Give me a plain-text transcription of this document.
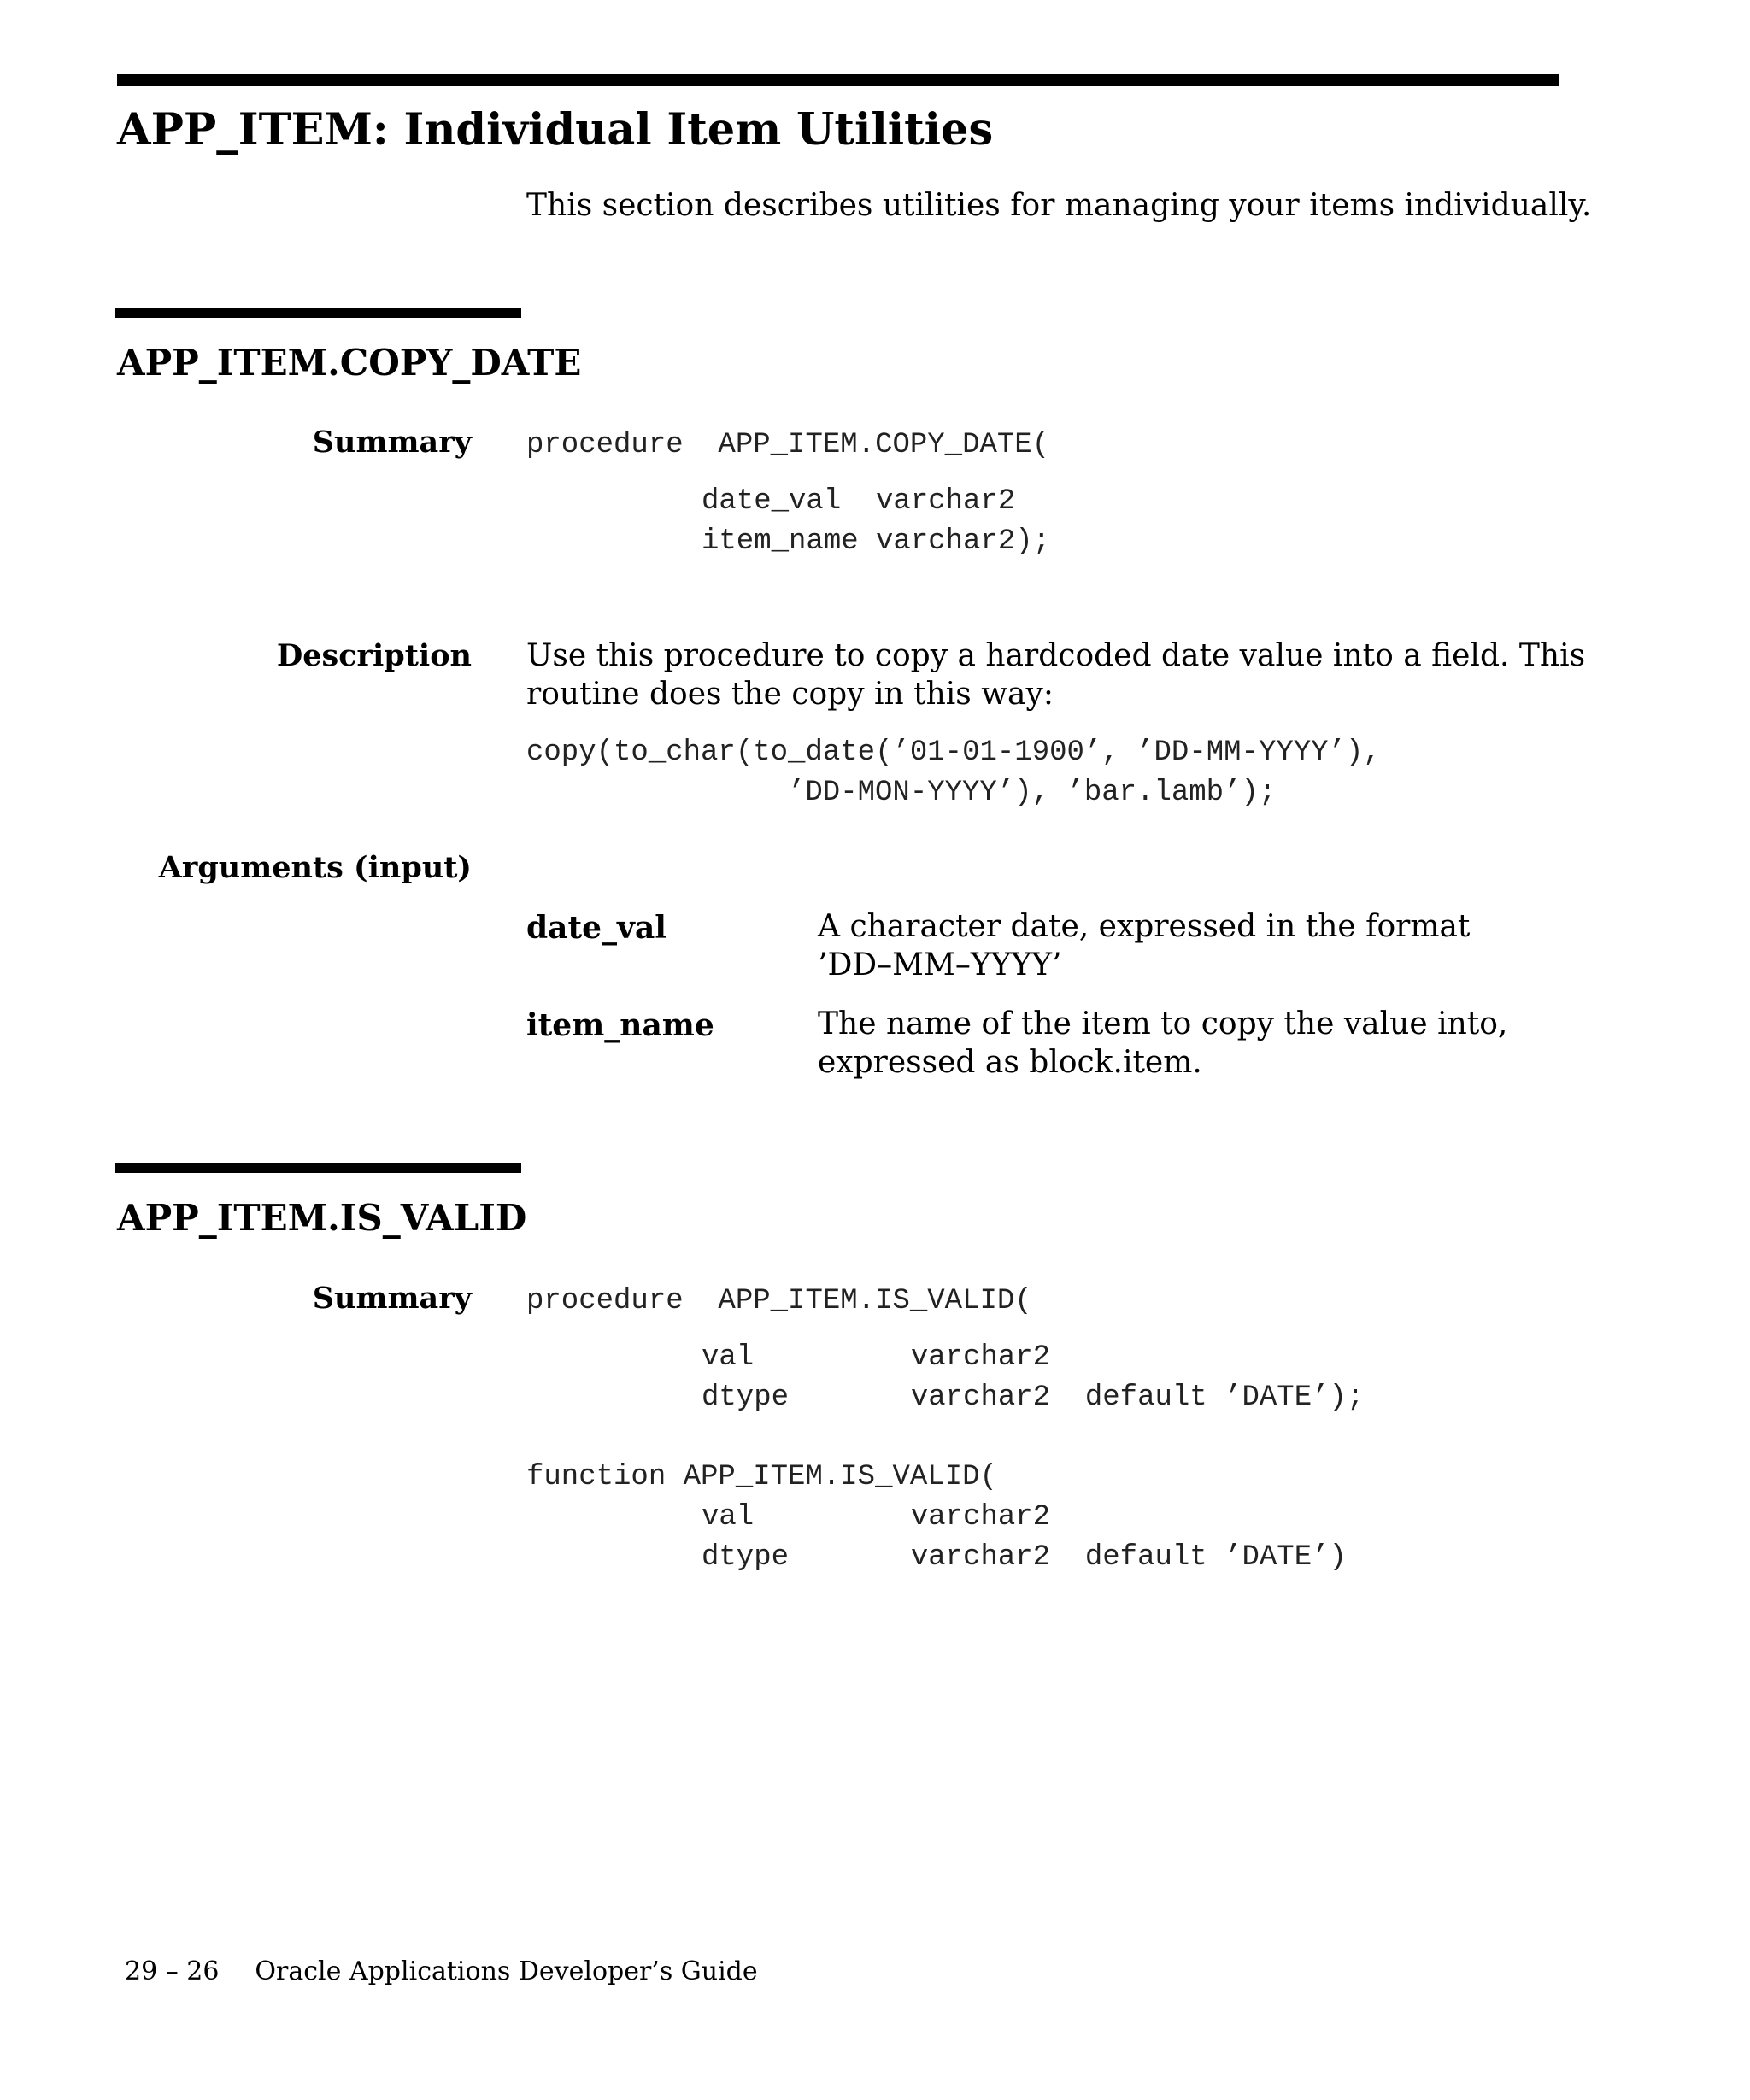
APP_ITEM: Individual Item Utilities
This section describes utilities for managing your items individually.
APP_ITEM.COPY_DATE
Summary procedure  APP_ITEM.COPY_DATE(
date_val  varchar2
item_name varchar2);
Description Use this procedure to copy a hardcoded date value into a field. This
routine does the copy in this way:
copy(to_char(to_date(’01-01-1900’, ’DD-MM-YYYY’),
’DD-MON-YYYY’), ’bar.lamb’);
Arguments (input)
date_val	A character date, expressed in the format
’DD–MM–YYYY’
item_name	The name of the item to copy the value into,
expressed as block.item.
APP_ITEM.IS_VALID
Summary procedure  APP_ITEM.IS_VALID(
val         varchar2
dtype       varchar2  default ’DATE’);
function APP_ITEM.IS_VALID(
val         varchar2
dtype       varchar2  default ’DATE’)
29 – 26 Oracle Applications Developer’s Guide
